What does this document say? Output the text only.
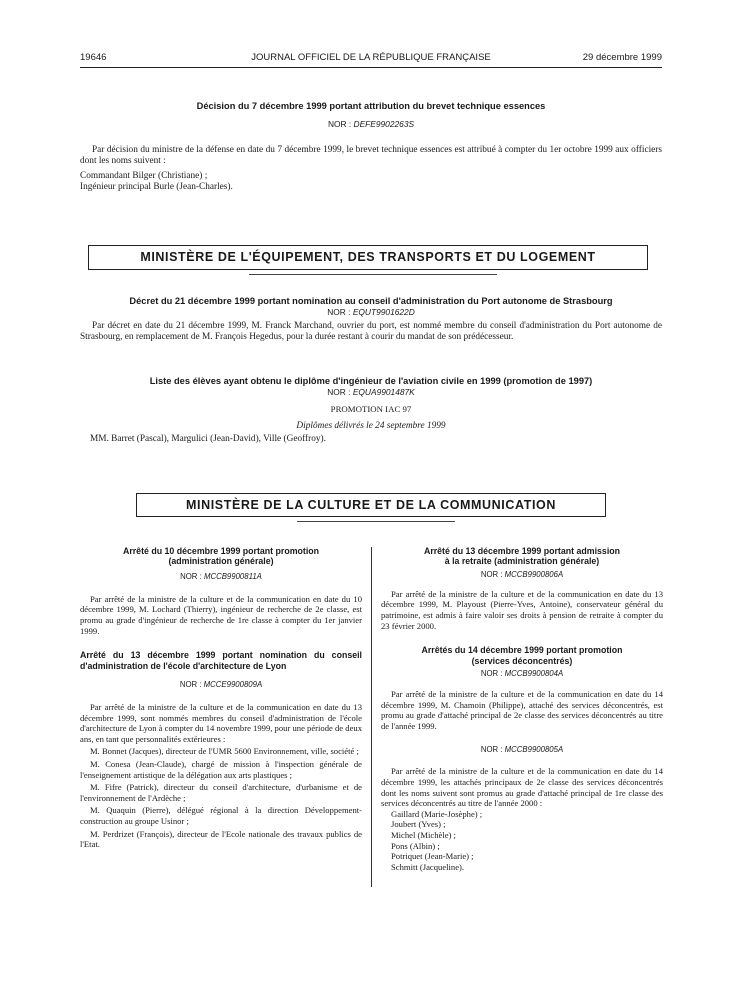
19646	JOURNAL OFFICIEL DE LA RÉPUBLIQUE FRANÇAISE	29 décembre 1999
Décision du 7 décembre 1999 portant attribution du brevet technique essences
NOR : DEFE9902263S

Par décision du ministre de la défense en date du 7 décembre 1999, le brevet technique essences est attribué à compter du 1er octobre 1999 aux officiers dont les noms suivent :

Commandant Bilger (Christiane) ;

Ingénieur principal Burle (Jean-Charles).

MINISTÈRE DE L'ÉQUIPEMENT, DES TRANSPORTS ET DU LOGEMENT
Décret du 21 décembre 1999 portant nomination au conseil d'administration du Port autonome de Strasbourg
NOR : EQUT9901622D

Par décret en date du 21 décembre 1999, M. Franck Marchand, ouvrier du port, est nommé membre du conseil d'administration du Port autonome de Strasbourg, en remplacement de M. François Hegedus, pour la durée restant à courir du mandat de son prédécesseur.

Liste des élèves ayant obtenu le diplôme d'ingénieur de l'aviation civile en 1999 (promotion de 1997)
NOR : EQUA9901487K
PROMOTION IAC 97
Diplômes délivrés le 24 septembre 1999

MM. Barret (Pascal), Margulici (Jean-David), Ville (Geoffroy).

MINISTÈRE DE LA CULTURE ET DE LA COMMUNICATION
Arrêté du 10 décembre 1999 portant promotion
(administration générale)
NOR : MCCB9900811A

Par arrêté de la ministre de la culture et de la communication en date du 10 décembre 1999, M. Lochard (Thierry), ingénieur de recherche de 2e classe, est promu au grade d'ingénieur de recherche de 1re classe à compter du 1er janvier 1999.

Arrêté du 13 décembre 1999 portant nomination du conseil d'administration de l'école d'architecture de Lyon
NOR : MCCE9900809A

Par arrêté de la ministre de la culture et de la communication en date du 13 décembre 1999, sont nommés membres du conseil d'administration de l'école d'architecture de Lyon à compter du 14 novembre 1999, pour une période de deux ans, en tant que personnalités extérieures :

M. Bonnet (Jacques), directeur de l'UMR 5600 Environnement, ville, société ;

M. Conesa (Jean-Claude), chargé de mission à l'inspection générale de l'enseignement artistique de la délégation aux arts plastiques ;

M. Fifre (Patrick), directeur du conseil d'architecture, d'urbanisme et de l'environnement de l'Ardèche ;

M. Quaquin (Pierre), délégué régional à la direction Développement-construction au groupe Usinor ;

M. Perdrizet (François), directeur de l'Ecole nationale des travaux publics de l'Etat.

Arrêté du 13 décembre 1999 portant admission
à la retraite (administration générale)
NOR : MCCB9900806A

Par arrêté de la ministre de la culture et de la communication en date du 13 décembre 1999, M. Playoust (Pierre-Yves, Antoine), conservateur général du patrimoine, est admis à faire valoir ses droits à pension de retraite à compter du 23 février 2000.

Arrêtés du 14 décembre 1999 portant promotion
(services déconcentrés)
NOR : MCCB9900804A

Par arrêté de la ministre de la culture et de la communication en date du 14 décembre 1999, M. Chamoin (Philippe), attaché des services déconcentrés, est promu au grade d'attaché principal de 2e classe des services déconcentrés au titre de l'année 1999.

NOR : MCCB9900805A

Par arrêté de la ministre de la culture et de la communication en date du 14 décembre 1999, les attachés principaux de 2e classe des services déconcentrés dont les noms suivent sont promus au grade d'attaché principal de 1re classe des services déconcentrés au titre de l'année 2000 :

Gaillard (Marie-Josèphe) ;

Joubert (Yves) ;

Michel (Michèle) ;

Pons (Albin) ;

Potriquet (Jean-Marie) ;

Schmitt (Jacqueline).
